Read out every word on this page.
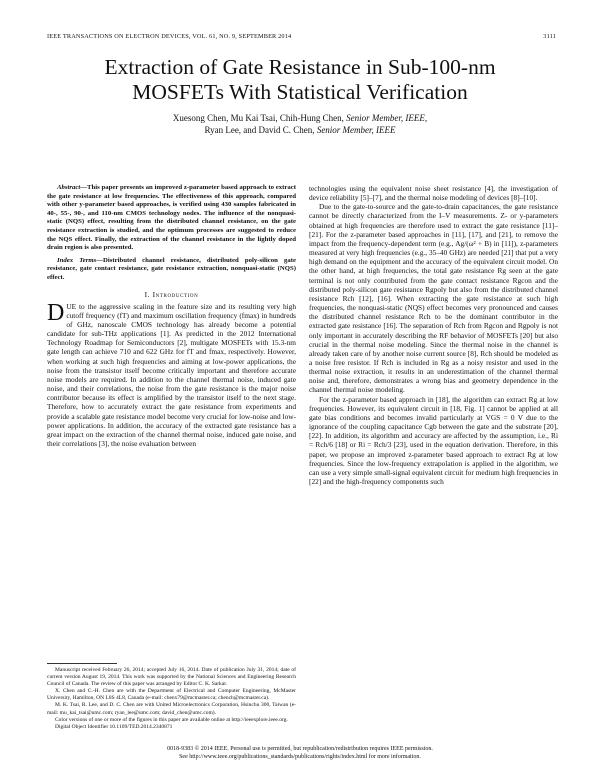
IEEE TRANSACTIONS ON ELECTRON DEVICES, VOL. 61, NO. 9, SEPTEMBER 2014	3111
Extraction of Gate Resistance in Sub-100-nm
MOSFETs With Statistical Verification
Xuesong Chen, Mu Kai Tsai, Chih-Hung Chen, Senior Member, IEEE,
Ryan Lee, and David C. Chen, Senior Member, IEEE

Abstract—This paper presents an improved z-parameter based approach to extract the gate resistance at low frequencies. The effectiveness of this approach, compared with other y-parameter based approaches, is verified using 430 samples fabricated in 40-, 55-, 90-, and 110-nm CMOS technology nodes. The influence of the nonquasi-static (NQS) effect, resulting from the distributed channel resistance, on the gate resistance extraction is studied, and the optimum processes are suggested to reduce the NQS effect. Finally, the extraction of the channel resistance in the lightly doped drain region is also presented.

Index Terms—Distributed channel resistance, distributed poly-silicon gate resistance, gate contact resistance, gate resistance extraction, nonquasi-static (NQS) effect.

I. Introduction

DUE to the aggressive scaling in the feature size and its resulting very high cutoff frequency (fT) and maximum oscillation frequency (fmax) in hundreds of GHz, nanoscale CMOS technology has already become a potential candidate for sub-THz applications [1]. As predicted in the 2012 International Technology Roadmap for Semiconductors [2], multigate MOSFETs with 15.3-nm gate length can achieve 710 and 622 GHz for fT and fmax, respectively. However, when working at such high frequencies and aiming at low-power applications, the noise from the transistor itself become critically important and therefore accurate noise models are required. In addition to the channel thermal noise, induced gate noise, and their correlations, the noise from the gate resistance is the major noise contributor because its effect is amplified by the transistor itself to the next stage. Therefore, how to accurately extract the gate resistance from experiments and provide a scalable gate resistance model become very crucial for low-noise and low-power applications. In addition, the accuracy of the extracted gate resistance has a great impact on the extraction of the channel thermal noise, induced gate noise, and their correlations [3], the noise evaluation between

Manuscript received February 26, 2014; accepted July 16, 2014. Date of publication July 31, 2014; date of current version August 19, 2014. This work was supported by the National Sciences and Engineering Research Council of Canada. The review of this paper was arranged by Editor C. K. Sarkar.

X. Chen and C.-H. Chen are with the Department of Electrical and Computer Engineering, McMaster University, Hamilton, ON L8S 4L8, Canada (e-mail: chenx79@mcmaster.ca; chench@mcmaster.ca).

M. K. Tsai, R. Lee, and D. C. Chen are with United Microelectronics Corporation, Hsinchu 300, Taiwan (e-mail: mu_kai_tsai@umc.com; ryan_lee@umc.com; david_chen@umc.com).

Color versions of one or more of the figures in this paper are available online at http://ieeexplore.ieee.org.

Digital Object Identifier 10.1109/TED.2014.2340871

technologies using the equivalent noise sheet resistance [4], the investigation of device reliability [5]–[7], and the thermal noise modeling of devices [8]–[10].

Due to the gate-to-source and the gate-to-drain capacitances, the gate resistance cannot be directly characterized from the I–V measurements. Z- or y-parameters obtained at high frequencies are therefore used to extract the gate resistance [11]–[21]. For the z-parameter based approaches in [11], [17], and [21], to remove the impact from the frequency-dependent term (e.g., Ag/(ω² + B) in [11]), z-parameters measured at very high frequencies (e.g., 35–40 GHz) are needed [21] that put a very high demand on the equipment and the accuracy of the equivalent circuit model. On the other hand, at high frequencies, the total gate resistance Rg seen at the gate terminal is not only contributed from the gate contact resistance Rgcon and the distributed poly-silicon gate resistance Rgpoly but also from the distributed channel resistance Rch [12], [16]. When extracting the gate resistance at such high frequencies, the nonquasi-static (NQS) effect becomes very pronounced and causes the distributed channel resistance Rch to be the dominant contributor in the extracted gate resistance [16]. The separation of Rch from Rgcon and Rgpoly is not only important in accurately describing the RF behavior of MOSFETs [20] but also crucial in the thermal noise modeling. Since the thermal noise in the channel is already taken care of by another noise current source [8], Rch should be modeled as a noise free resistor. If Rch is included in Rg as a noisy resistor and used in the thermal noise extraction, it results in an underestimation of the channel thermal noise and, therefore, demonstrates a wrong bias and geometry dependence in the channel thermal noise modeling.

For the z-parameter based approach in [18], the algorithm can extract Rg at low frequencies. However, its equivalent circuit in [18, Fig. 1] cannot be applied at all gate bias conditions and becomes invalid particularly at VGS = 0 V due to the ignorance of the coupling capacitance Cgb between the gate and the substrate [20], [22]. In addition, its algorithm and accuracy are affected by the assumption, i.e., Ri = Rch/6 [18] or Ri = Rch/3 [23], used in the equation derivation. Therefore, in this paper, we propose an improved z-parameter based approach to extract Rg at low frequencies. Since the low-frequency extrapolation is applied in the algorithm, we can use a very simple small-signal equivalent circuit for medium high frequencies in [22] and the high-frequency components such

0018-9383 © 2014 IEEE. Personal use is permitted, but republication/redistribution requires IEEE permission.
See http://www.ieee.org/publications_standards/publications/rights/index.html for more information.
